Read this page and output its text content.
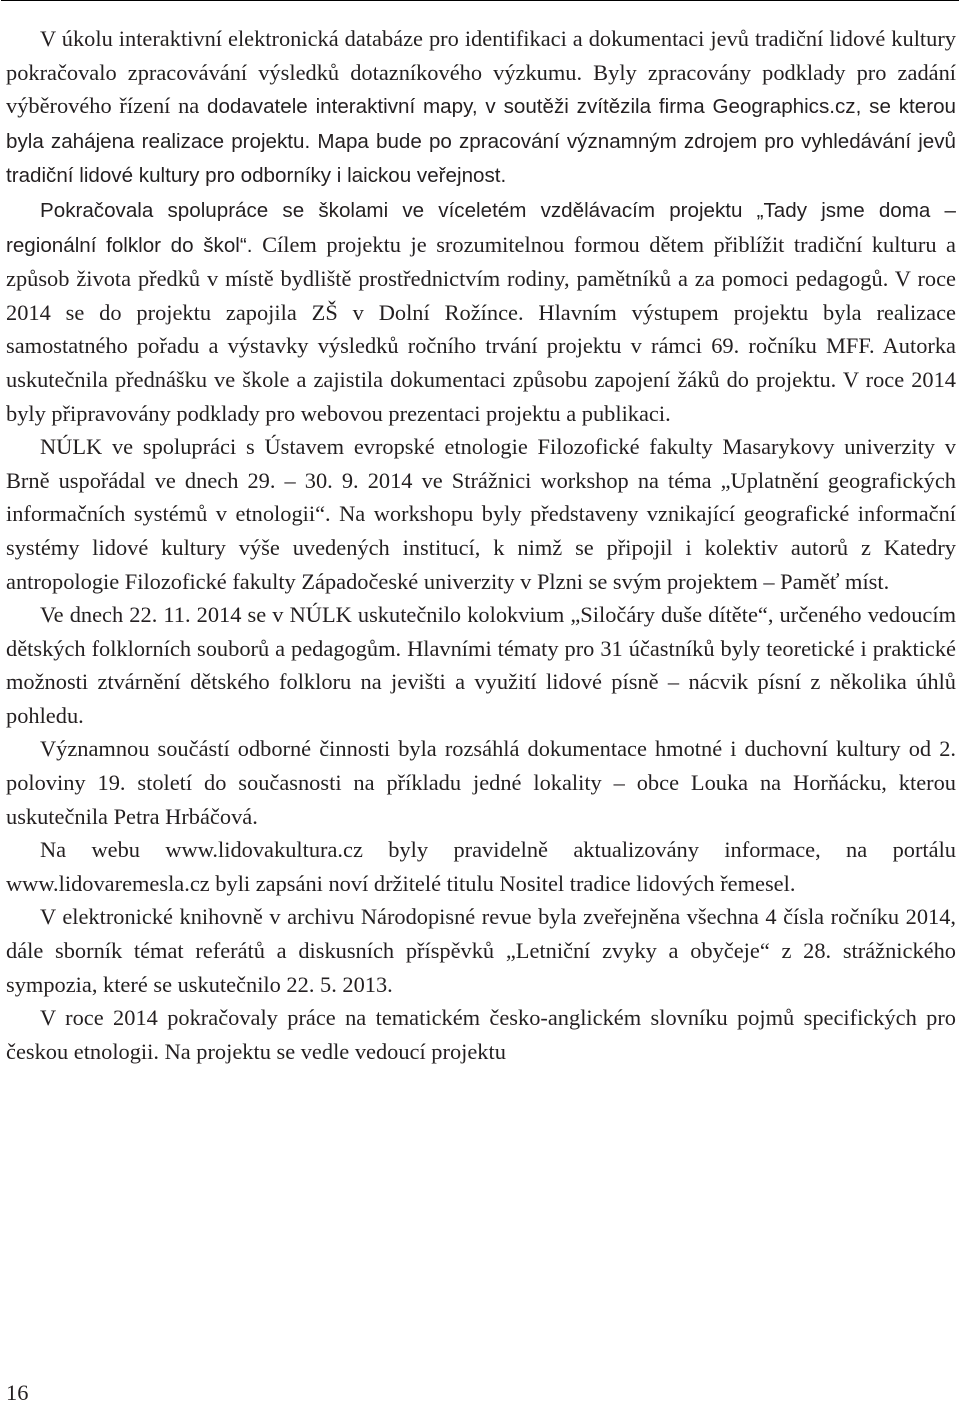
V úkolu interaktivní elektronická databáze pro identifikaci a dokumentaci jevů tradiční lidové kultury pokračovalo zpracovávání výsledků dotazníkového výzkumu. Byly zpracovány podklady pro zadání výběrového řízení na dodavatele interaktivní mapy, v soutěži zvítězila firma Geographics.cz, se kterou byla zahájena realizace projektu. Mapa bude po zpracování významným zdrojem pro vyhledávání jevů tradiční lidové kultury pro odborníky i laickou veřejnost.

Pokračovala spolupráce se školami ve víceletém vzdělávacím projektu „Tady jsme doma – regionální folklor do škol“. Cílem projektu je srozumitelnou formou dětem přiblížit tradiční kulturu a způsob života předků v místě bydliště prostřednictvím rodiny, pamětníků a za pomoci pedagogů. V roce 2014 se do projektu zapojila ZŠ v Dolní Rožínce. Hlavním výstupem projektu byla realizace samostatného pořadu a výstavky výsledků ročního trvání projektu v rámci 69. ročníku MFF. Autorka uskutečnila přednášku ve škole a zajistila dokumentaci způsobu zapojení žáků do projektu. V roce 2014 byly připravovány podklady pro webovou prezentaci projektu a publikaci.

NÚLK ve spolupráci s Ústavem evropské etnologie Filozofické fakulty Masarykovy univerzity v Brně uspořádal ve dnech 29. – 30. 9. 2014 ve Strážnici workshop na téma „Uplatnění geografických informačních systémů v etnologii“. Na workshopu byly představeny vznikající geografické informační systémy lidové kultury výše uvedených institucí, k nimž se připojil i kolektiv autorů z Katedry antropologie Filozofické fakulty Západočeské univerzity v Plzni se svým projektem – Paměť míst.

Ve dnech 22. 11. 2014 se v NÚLK uskutečnilo kolokvium „Siločáry duše dítěte“, určeného vedoucím dětských folklorních souborů a pedagogům. Hlavními tématy pro 31 účastníků byly teoretické i praktické možnosti ztvárnění dětského folkloru na jevišti a využití lidové písně – nácvik písní z několika úhlů pohledu.

Významnou součástí odborné činnosti byla rozsáhlá dokumentace hmotné i duchovní kultury od 2. poloviny 19. století do současnosti na příkladu jedné lokality – obce Louka na Horňácku, kterou uskutečnila Petra Hrbáčová.

Na webu www.lidovakultura.cz byly pravidelně aktualizovány informace, na portálu www.lidovaremesla.cz byli zapsáni noví držitelé titulu Nositel tradice lidových řemesel.

V elektronické knihovně v archivu Národopisné revue byla zveřejněna všechna 4 čísla ročníku 2014, dále sborník témat referátů a diskusních příspěvků „Letniční zvyky a obyčeje“ z 28. strážnického sympozia, které se uskutečnilo 22. 5. 2013.

V roce 2014 pokračovaly práce na tematickém česko-anglickém slovníku pojmů specifických pro českou etnologii. Na projektu se vedle vedoucí projektu

16
